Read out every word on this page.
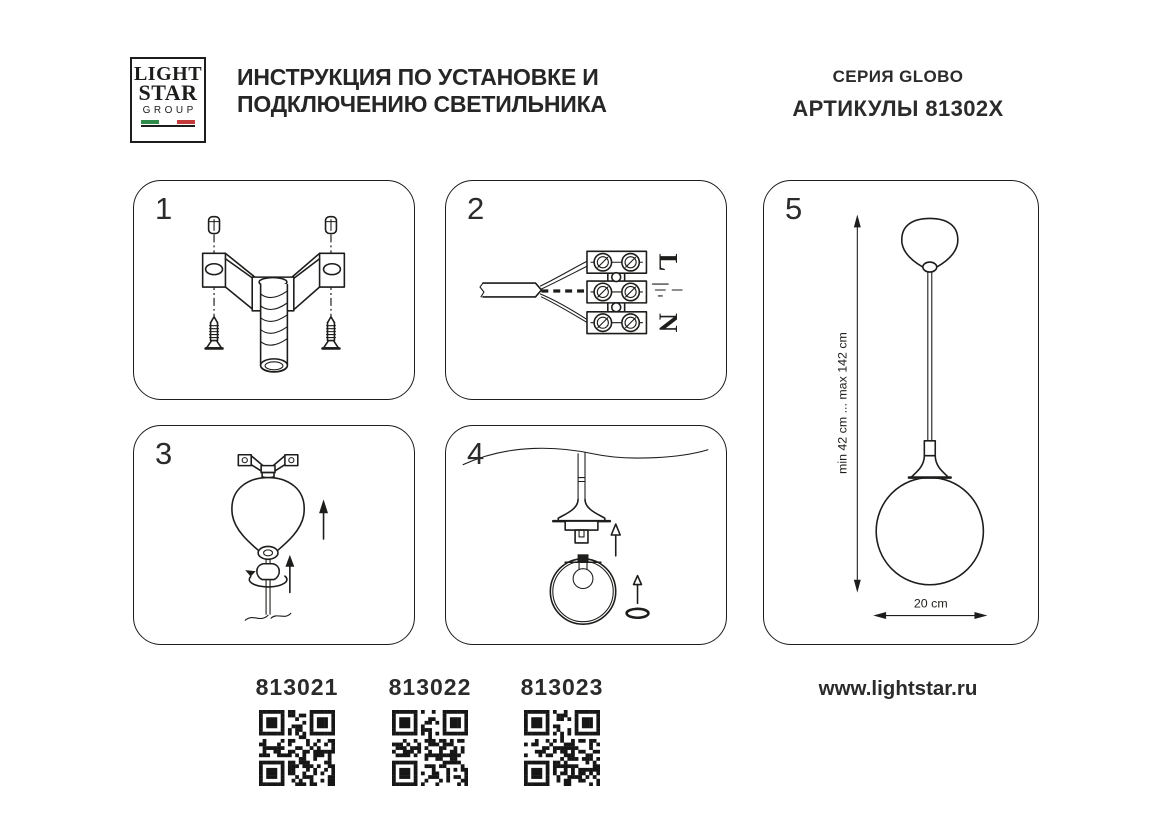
LIGHT
STAR
GROUP
ИНСТРУКЦИЯ ПО УСТАНОВКЕ И
ПОДКЛЮЧЕНИЮ СВЕТИЛЬНИКА
СЕРИЯ GLOBO
АРТИКУЛЫ 81302X
1	2
L
N
3	4
5
min 42 cm ... max 142 cm
20 cm
813021	813022	813023	www.lightstar.ru
